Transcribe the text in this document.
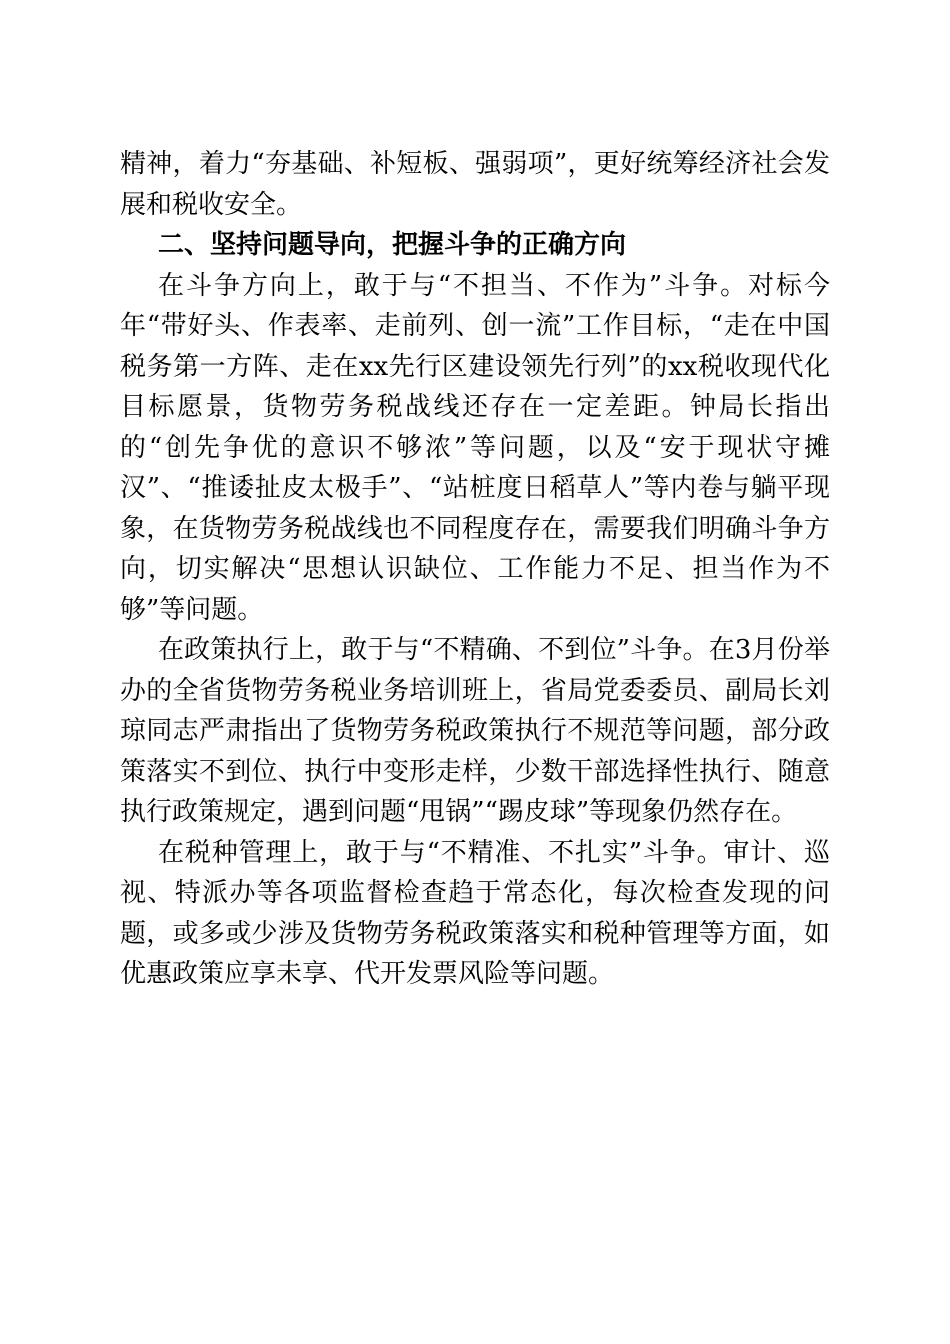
精神，着力“夯基础、补短板、强弱项”，更好统筹经济社会发展和税收安全。

二、坚持问题导向，把握斗争的正确方向

在斗争方向上，敢于与“不担当、不作为”斗争。对标今年“带好头、作表率、走前列、创一流”工作目标，“走在中国税务第一方阵、走在xx先行区建设领先行列”的xx税收现代化目标愿景，货物劳务税战线还存在一定差距。钟局长指出的“创先争优的意识不够浓”等问题，以及“安于现状守摊汉”、“推诿扯皮太极手”、“站桩度日稻草人”等内卷与躺平现象，在货物劳务税战线也不同程度存在，需要我们明确斗争方向，切实解决“思想认识缺位、工作能力不足、担当作为不够”等问题。

在政策执行上，敢于与“不精确、不到位”斗争。在3月份举办的全省货物劳务税业务培训班上，省局党委委员、副局长刘琼同志严肃指出了货物劳务税政策执行不规范等问题，部分政策落实不到位、执行中变形走样，少数干部选择性执行、随意执行政策规定，遇到问题“甩锅”“踢皮球”等现象仍然存在。

在税种管理上，敢于与“不精准、不扎实”斗争。审计、巡视、特派办等各项监督检查趋于常态化，每次检查发现的问题，或多或少涉及货物劳务税政策落实和税种管理等方面，如优惠政策应享未享、代开发票风险等问题。
